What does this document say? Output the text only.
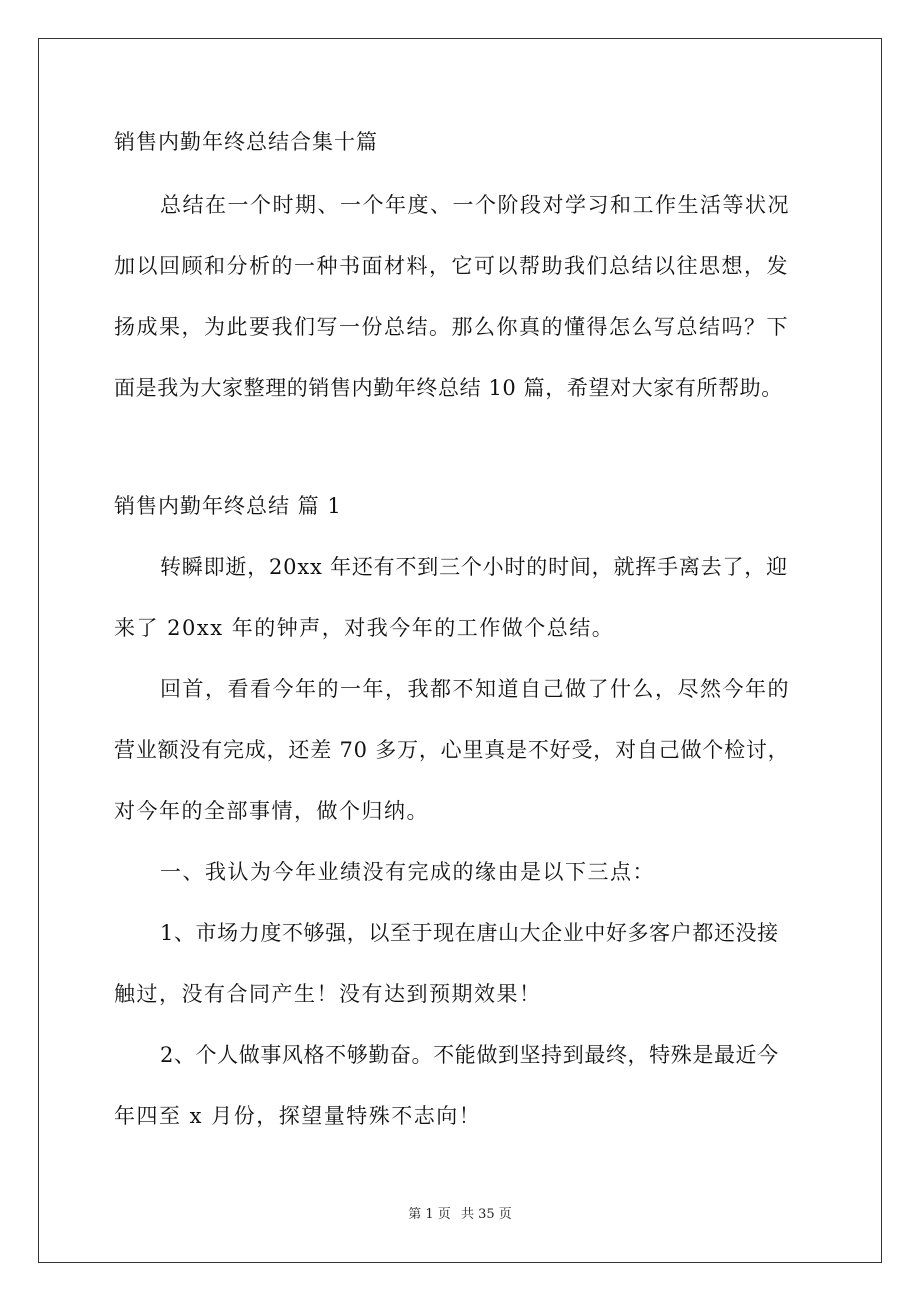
销售内勤年终总结合集十篇
总结在一个时期、一个年度、一个阶段对学习和工作生活等状况
加以回顾和分析的一种书面材料，它可以帮助我们总结以往思想，发
扬成果，为此要我们写一份总结。那么你真的懂得怎么写总结吗？下
面是我为大家整理的销售内勤年终总结 10 篇，希望对大家有所帮助。
销售内勤年终总结 篇 1
转瞬即逝，20xx 年还有不到三个小时的时间，就挥手离去了，迎
来了 20xx 年的钟声，对我今年的工作做个总结。
回首，看看今年的一年，我都不知道自己做了什么，尽然今年的
营业额没有完成，还差 70 多万，心里真是不好受，对自己做个检讨，
对今年的全部事情，做个归纳。
一、我认为今年业绩没有完成的缘由是以下三点：
1、市场力度不够强，以至于现在唐山大企业中好多客户都还没接
触过，没有合同产生！没有达到预期效果！
2、个人做事风格不够勤奋。不能做到坚持到最终，特殊是最近今
年四至 x 月份，探望量特殊不志向！
第 1 页 共 35 页
